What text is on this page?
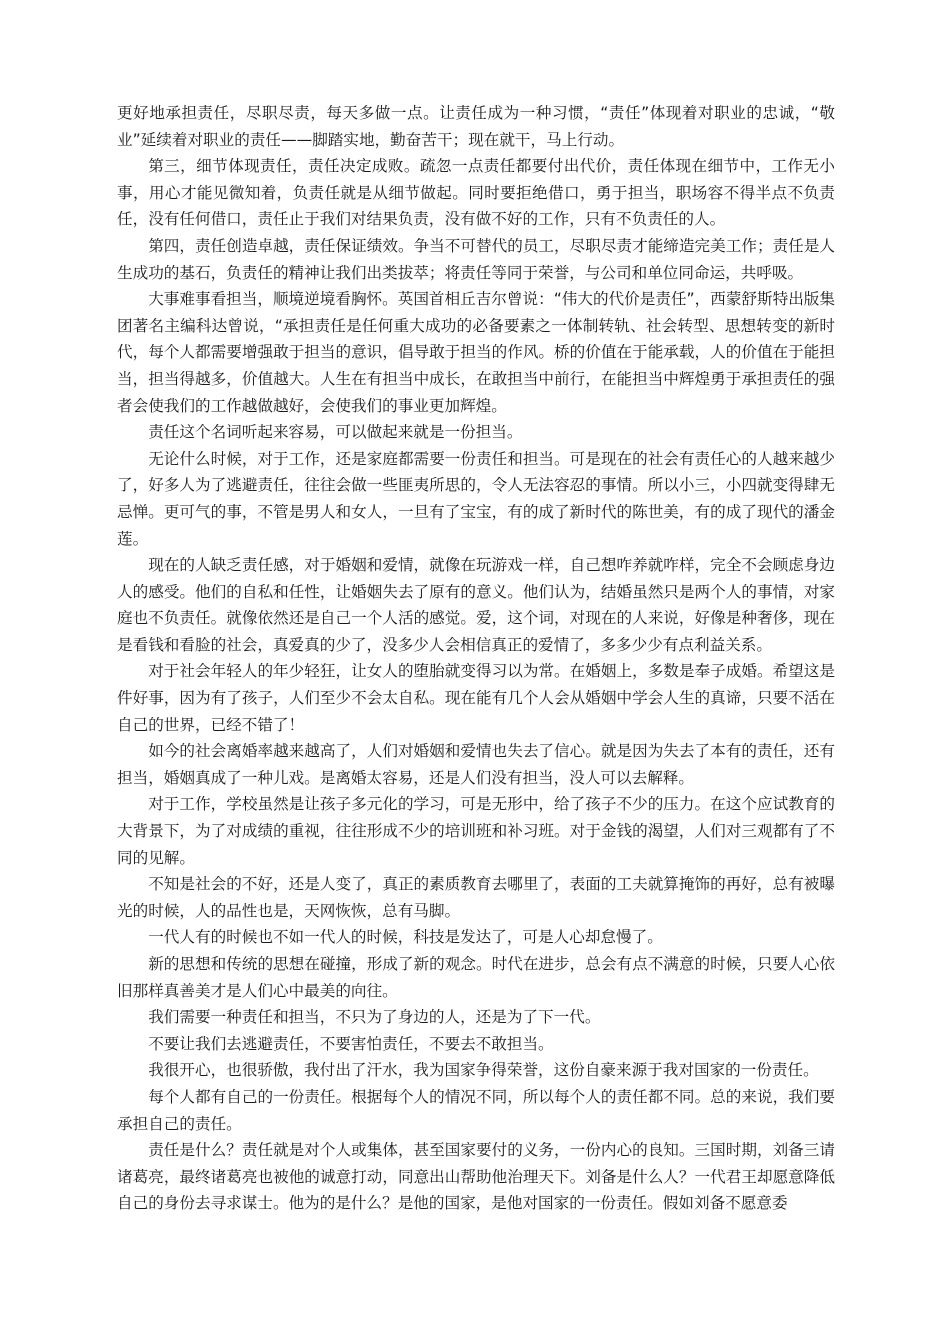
更好地承担责任，尽职尽责，每天多做一点。让责任成为一种习惯，“责任”体现着对职业的忠诚，“敬业”延续着对职业的责任——脚踏实地，勤奋苦干；现在就干，马上行动。

第三，细节体现责任，责任决定成败。疏忽一点责任都要付出代价，责任体现在细节中，工作无小事，用心才能见微知着，负责任就是从细节做起。同时要拒绝借口，勇于担当，职场容不得半点不负责任，没有任何借口，责任止于我们对结果负责，没有做不好的工作，只有不负责任的人。

第四，责任创造卓越，责任保证绩效。争当不可替代的员工，尽职尽责才能缔造完美工作；责任是人生成功的基石，负责任的精神让我们出类拔萃；将责任等同于荣誉，与公司和单位同命运，共呼吸。

大事难事看担当，顺境逆境看胸怀。英国首相丘吉尔曾说：“伟大的代价是责任”，西蒙舒斯特出版集团著名主编科达曾说，“承担责任是任何重大成功的必备要素之一体制转轨、社会转型、思想转变的新时代，每个人都需要增强敢于担当的意识，倡导敢于担当的作风。桥的价值在于能承载，人的价值在于能担当，担当得越多，价值越大。人生在有担当中成长，在敢担当中前行，在能担当中辉煌勇于承担责任的强者会使我们的工作越做越好，会使我们的事业更加辉煌。

责任这个名词听起来容易，可以做起来就是一份担当。

无论什么时候，对于工作，还是家庭都需要一份责任和担当。可是现在的社会有责任心的人越来越少了，好多人为了逃避责任，往往会做一些匪夷所思的，令人无法容忍的事情。所以小三，小四就变得肆无忌惮。更可气的事，不管是男人和女人，一旦有了宝宝，有的成了新时代的陈世美，有的成了现代的潘金莲。

现在的人缺乏责任感，对于婚姻和爱情，就像在玩游戏一样，自己想咋养就咋样，完全不会顾虑身边人的感受。他们的自私和任性，让婚姻失去了原有的意义。他们认为，结婚虽然只是两个人的事情，对家庭也不负责任。就像依然还是自己一个人活的感觉。爱，这个词，对现在的人来说，好像是种奢侈，现在是看钱和看脸的社会，真爱真的少了，没多少人会相信真正的爱情了，多多少少有点利益关系。

对于社会年轻人的年少轻狂，让女人的堕胎就变得习以为常。在婚姻上，多数是奉子成婚。希望这是件好事，因为有了孩子，人们至少不会太自私。现在能有几个人会从婚姻中学会人生的真谛，只要不活在自己的世界，已经不错了！

如今的社会离婚率越来越高了，人们对婚姻和爱情也失去了信心。就是因为失去了本有的责任，还有担当，婚姻真成了一种儿戏。是离婚太容易，还是人们没有担当，没人可以去解释。

对于工作，学校虽然是让孩子多元化的学习，可是无形中，给了孩子不少的压力。在这个应试教育的大背景下，为了对成绩的重视，往往形成不少的培训班和补习班。对于金钱的渴望，人们对三观都有了不同的见解。

不知是社会的不好，还是人变了，真正的素质教育去哪里了，表面的工夫就算掩饰的再好，总有被曝光的时候，人的品性也是，天网恢恢，总有马脚。

一代人有的时候也不如一代人的时候，科技是发达了，可是人心却怠慢了。

新的思想和传统的思想在碰撞，形成了新的观念。时代在进步，总会有点不满意的时候，只要人心依旧那样真善美才是人们心中最美的向往。

我们需要一种责任和担当，不只为了身边的人，还是为了下一代。

不要让我们去逃避责任，不要害怕责任，不要去不敢担当。

我很开心，也很骄傲，我付出了汗水，我为国家争得荣誉，这份自豪来源于我对国家的一份责任。

每个人都有自己的一份责任。根据每个人的情况不同，所以每个人的责任都不同。总的来说，我们要承担自己的责任。

责任是什么？责任就是对个人或集体，甚至国家要付的义务，一份内心的良知。三国时期，刘备三请诸葛亮，最终诸葛亮也被他的诚意打动，同意出山帮助他治理天下。刘备是什么人？一代君王却愿意降低自己的身份去寻求谋士。他为的是什么？是他的国家，是他对国家的一份责任。假如刘备不愿意委
